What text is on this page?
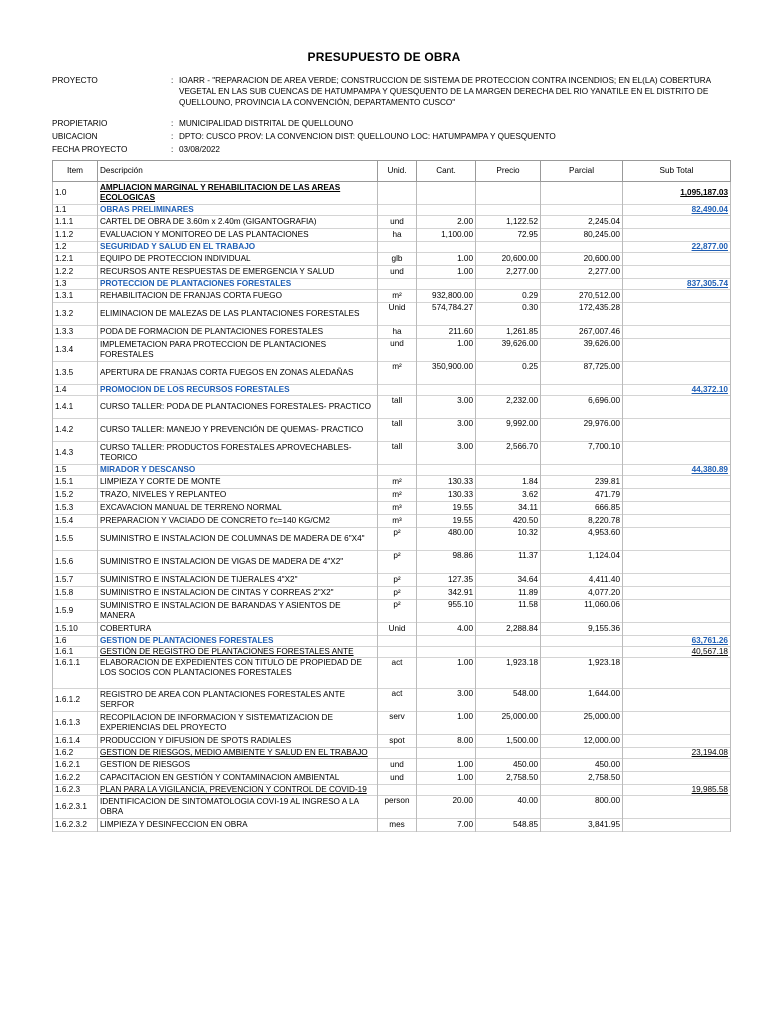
PRESUPUESTO DE OBRA
PROYECTO	: IOARR - "REPARACION DE AREA VERDE; CONSTRUCCION DE SISTEMA DE PROTECCION CONTRA INCENDIOS; EN EL(LA) COBERTURA VEGETAL EN LAS SUB CUENCAS DE HATUMPAMPA Y QUESQUENTO DE LA MARGEN DERECHA DEL RIO YANATILE EN EL DISTRITO DE QUELLOUNO, PROVINCIA LA CONVENCIÓN, DEPARTAMENTO CUSCO"
PROPIETARIO	: MUNICIPALIDAD DISTRITAL DE QUELLOUNO
UBICACION	: DPTO: CUSCO PROV: LA CONVENCION DIST: QUELLOUNO LOC: HATUMPAMPA Y QUESQUENTO
FECHA PROYECTO	: 03/08/2022
Item	Descripción	Unid.	Cant.	Precio	Parcial	Sub Total
1.0	AMPLIACION MARGINAL Y REHABILITACION DE LAS AREAS ECOLOGICAS					1,095,187.03
1.1	OBRAS PRELIMINARES					82,490.04
1.1.1	CARTEL DE OBRA DE 3.60m x 2.40m (GIGANTOGRAFIA)	und	2.00	1,122.52	2,245.04	
1.1.2	EVALUACION Y MONITOREO DE LAS PLANTACIONES	ha	1,100.00	72.95	80,245.00	
1.2	SEGURIDAD Y SALUD EN EL TRABAJO					22,877.00
1.2.1	EQUIPO DE PROTECCION INDIVIDUAL	glb	1.00	20,600.00	20,600.00	
1.2.2	RECURSOS ANTE RESPUESTAS DE EMERGENCIA Y SALUD	und	1.00	2,277.00	2,277.00	
1.3	PROTECCION DE PLANTACIONES FORESTALES					837,305.74
1.3.1	REHABILITACION DE FRANJAS CORTA FUEGO	m²	932,800.00	0.29	270,512.00	
1.3.2	ELIMINACION DE MALEZAS DE LAS PLANTACIONES FORESTALES	Unid	574,784.27	0.30	172,435.28	
1.3.3	PODA DE FORMACION DE PLANTACIONES FORESTALES	ha	211.60	1,261.85	267,007.46	
1.3.4	IMPLEMETACION PARA PROTECCION DE PLANTACIONES FORESTALES	und	1.00	39,626.00	39,626.00	
1.3.5	APERTURA DE FRANJAS CORTA FUEGOS EN ZONAS ALEDAÑAS	m²	350,900.00	0.25	87,725.00	
1.4	PROMOCION DE LOS RECURSOS FORESTALES					44,372.10
1.4.1	CURSO TALLER: PODA DE PLANTACIONES FORESTALES- PRACTICO	tall	3.00	2,232.00	6,696.00	
1.4.2	CURSO TALLER: MANEJO Y PREVENCIÓN DE QUEMAS- PRACTICO	tall	3.00	9,992.00	29,976.00	
1.4.3	CURSO TALLER: PRODUCTOS FORESTALES APROVECHABLES-TEORICO	tall	3.00	2,566.70	7,700.10	
1.5	MIRADOR Y DESCANSO					44,380.89
1.5.1	LIMPIEZA Y CORTE DE MONTE	m²	130.33	1.84	239.81	
1.5.2	TRAZO, NIVELES Y REPLANTEO	m²	130.33	3.62	471.79	
1.5.3	EXCAVACION MANUAL DE TERRENO NORMAL	m³	19.55	34.11	666.85	
1.5.4	PREPARACION Y VACIADO DE CONCRETO f'c=140 KG/CM2	m³	19.55	420.50	8,220.78	
1.5.5	SUMINISTRO E INSTALACION DE COLUMNAS DE MADERA DE 6"X4"	p²	480.00	10.32	4,953.60	
1.5.6	SUMINISTRO E INSTALACION DE VIGAS DE MADERA DE 4"X2"	p²	98.86	11.37	1,124.04	
1.5.7	SUMINISTRO E INSTALACION DE TIJERALES 4"X2"	p²	127.35	34.64	4,411.40	
1.5.8	SUMINISTRO E INSTALACION DE CINTAS Y CORREAS 2"X2"	p²	342.91	11.89	4,077.20	
1.5.9	SUMINISTRO E INSTALACION DE BARANDAS Y ASIENTOS DE MANERA	p²	955.10	11.58	11,060.06	
1.5.10	COBERTURA	Unid	4.00	2,288.84	9,155.36	
1.6	GESTION DE PLANTACIONES FORESTALES					63,761.26
1.6.1	GESTIÓN DE REGISTRO DE PLANTACIONES FORESTALES ANTE					40,567.18
1.6.1.1	ELABORACION DE EXPEDIENTES CON TITULO DE PROPIEDAD DE LOS SOCIOS CON PLANTACIONES FORESTALES	act	1.00	1,923.18	1,923.18	
1.6.1.2	REGISTRO DE AREA CON PLANTACIONES FORESTALES ANTE SERFOR	act	3.00	548.00	1,644.00	
1.6.1.3	RECOPILACION DE INFORMACION Y SISTEMATIZACION DE EXPERIENCIAS DEL PROYECTO	serv	1.00	25,000.00	25,000.00	
1.6.1.4	PRODUCCION Y DIFUSION DE SPOTS RADIALES	spot	8.00	1,500.00	12,000.00	
1.6.2	GESTION DE RIESGOS, MEDIO AMBIENTE Y SALUD EN EL TRABAJO					23,194.08
1.6.2.1	GESTION DE RIESGOS	und	1.00	450.00	450.00	
1.6.2.2	CAPACITACION EN GESTIÓN Y CONTAMINACION AMBIENTAL	und	1.00	2,758.50	2,758.50	
1.6.2.3	PLAN PARA LA VIGILANCIA, PREVENCION Y CONTROL DE COVID-19					19,985.58
1.6.2.3.1	IDENTIFICACION DE SINTOMATOLOGIA COVI-19 AL INGRESO A LA OBRA	person	20.00	40.00	800.00	
1.6.2.3.2	LIMPIEZA Y DESINFECCION EN OBRA	mes	7.00	548.85	3,841.95	
